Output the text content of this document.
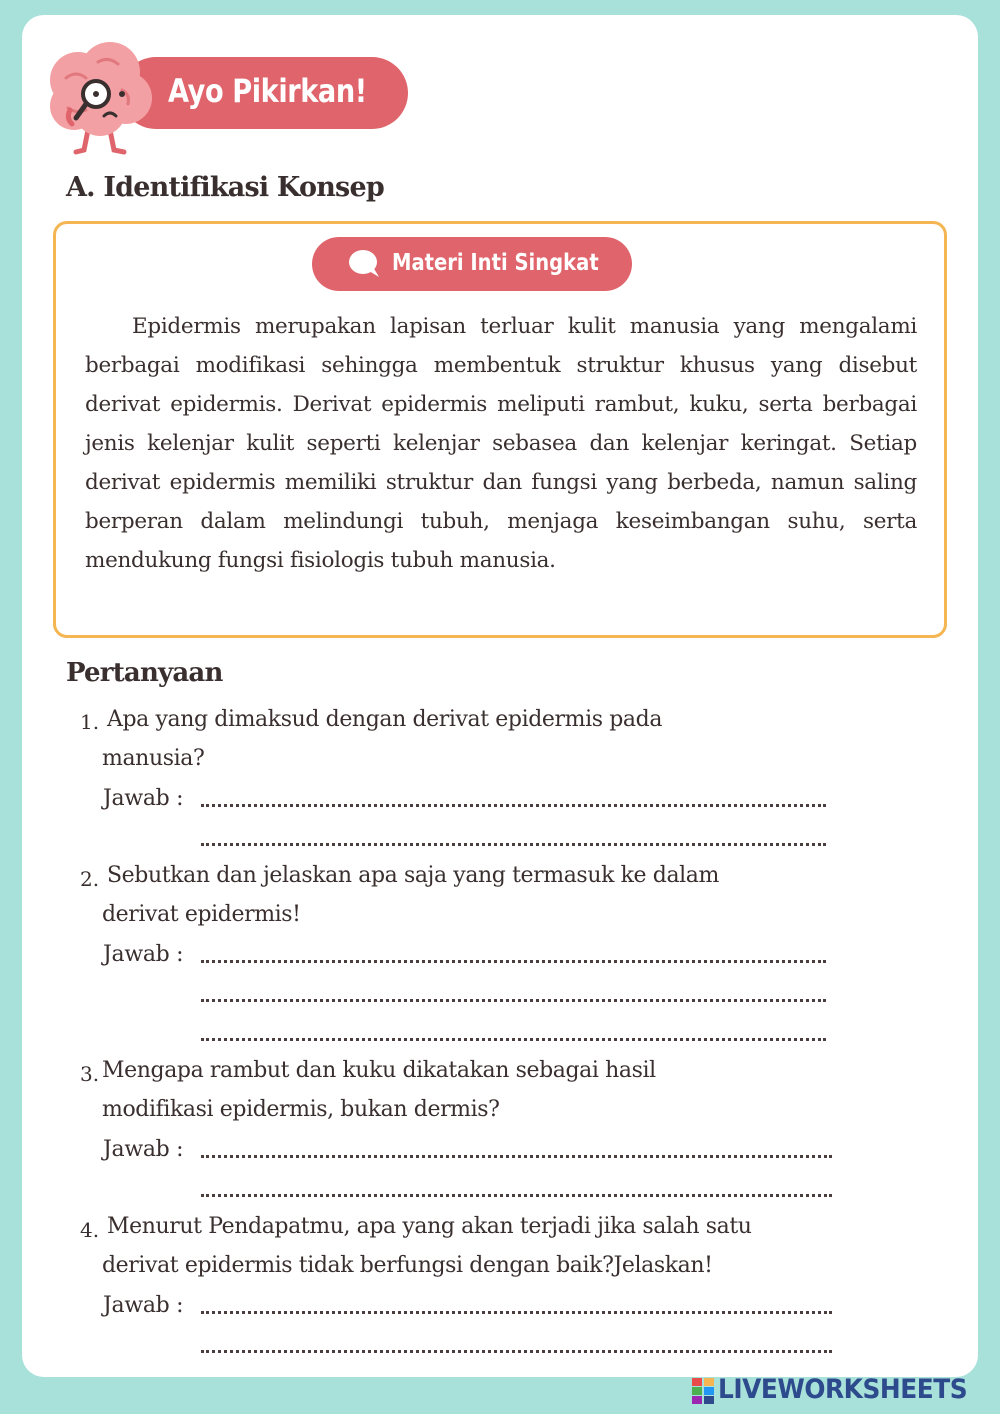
Ayo Pikirkan!
A. Identifikasi Konsep
Materi Inti Singkat

Epidermis merupakan lapisan terluar kulit manusia yang mengalami berbagai modifikasi sehingga membentuk struktur khusus yang disebut derivat epidermis. Derivat epidermis meliputi rambut, kuku, serta berbagai jenis kelenjar kulit seperti kelenjar sebasea dan kelenjar keringat. Setiap derivat epidermis memiliki struktur dan fungsi yang berbeda, namun saling berperan dalam melindungi tubuh, menjaga keseimbangan suhu, serta mendukung fungsi fisiologis tubuh manusia.

Pertanyaan
1. Apa yang dimaksud dengan derivat epidermis pada
manusia?
Jawab :
2. Sebutkan dan jelaskan apa saja yang termasuk ke dalam
derivat epidermis!
Jawab :
3. Mengapa rambut dan kuku dikatakan sebagai hasil
modifikasi epidermis, bukan dermis?
Jawab :
4. Menurut Pendapatmu, apa yang akan terjadi jika salah satu
derivat epidermis tidak berfungsi dengan baik?Jelaskan!
Jawab :
LIVEWORKSHEETS
